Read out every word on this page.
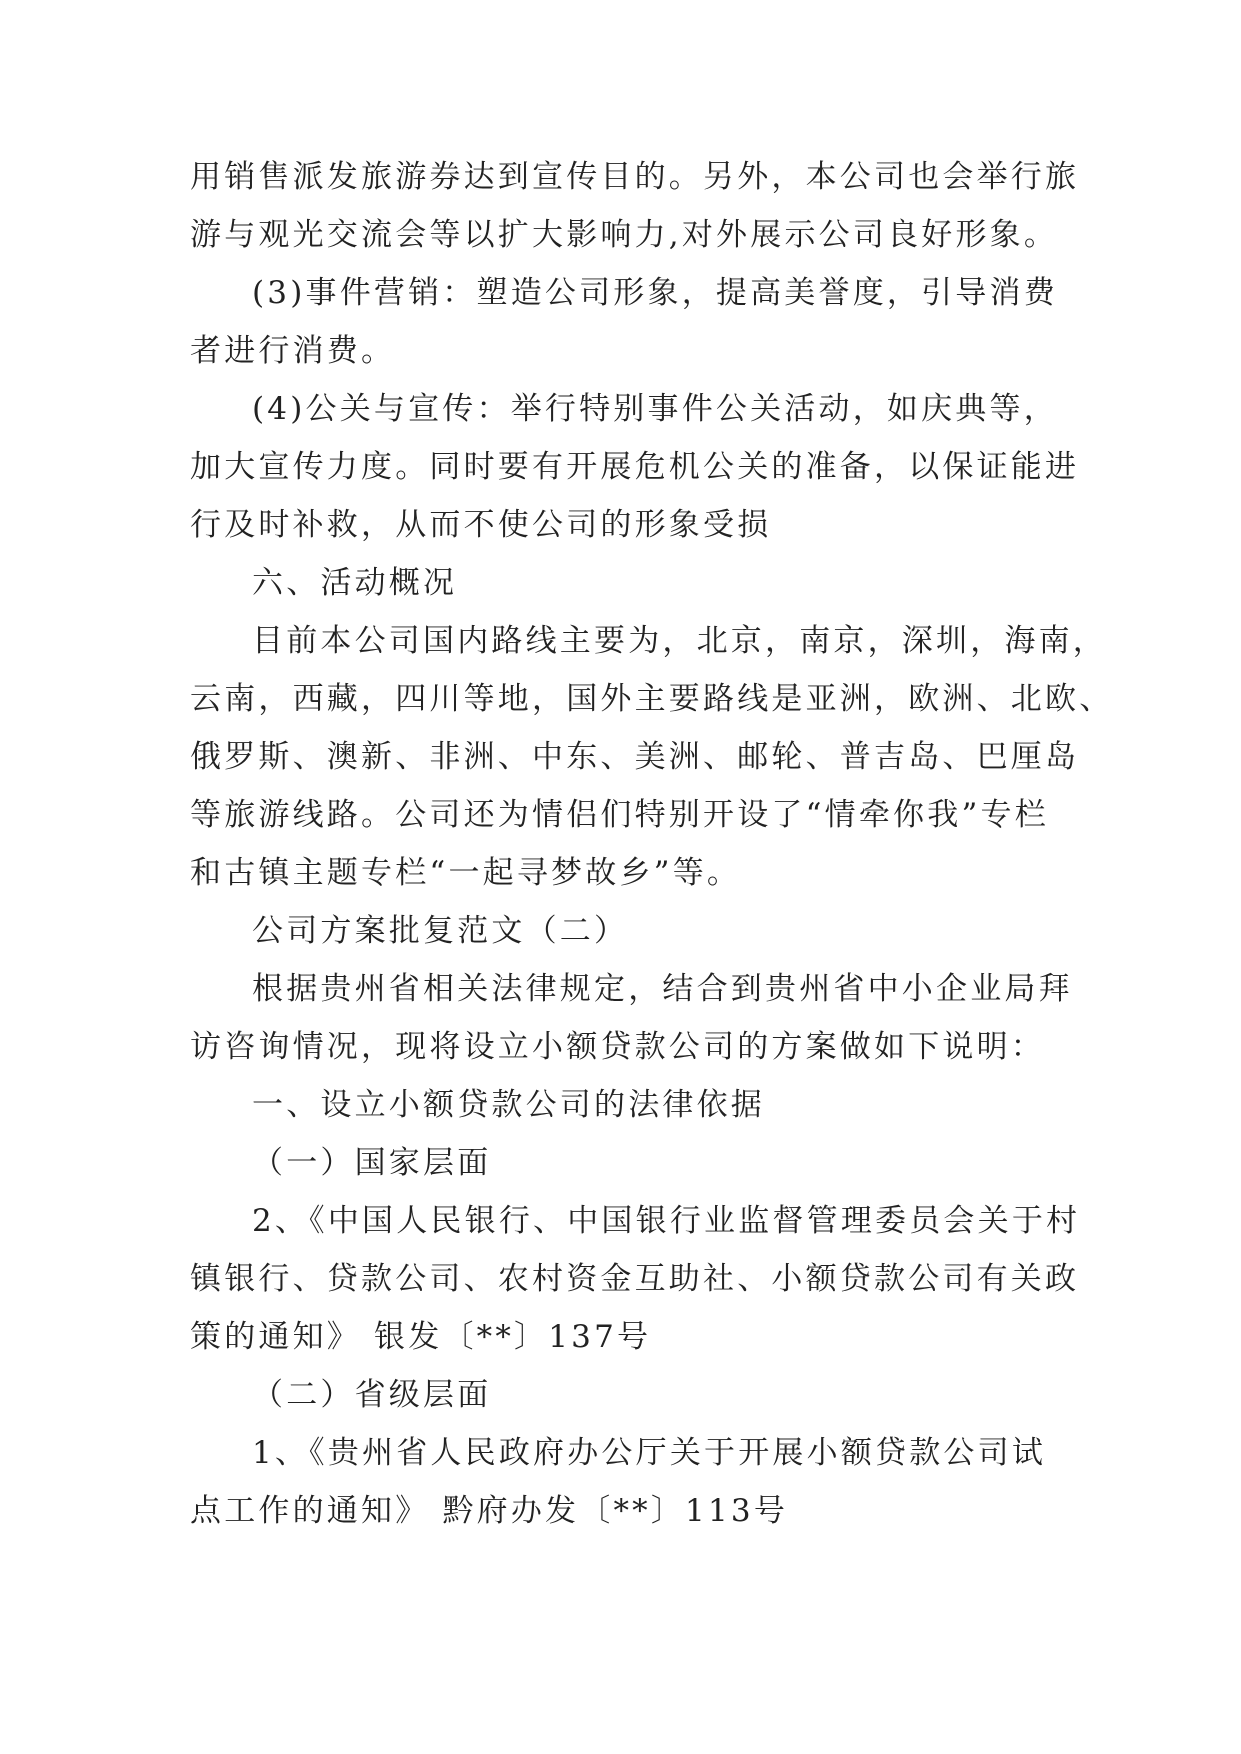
用销售派发旅游券达到宣传目的。另外，本公司也会举行旅
游与观光交流会等以扩大影响力,对外展示公司良好形象。
(3)事件营销：塑造公司形象，提高美誉度，引导消费
者进行消费。
(4)公关与宣传：举行特别事件公关活动，如庆典等，
加大宣传力度。同时要有开展危机公关的准备，以保证能进
行及时补救，从而不使公司的形象受损
六、活动概况
目前本公司国内路线主要为，北京，南京，深圳，海南，
云南，西藏，四川等地，国外主要路线是亚洲，欧洲、北欧、
俄罗斯、澳新、非洲、中东、美洲、邮轮、普吉岛、巴厘岛
等旅游线路。公司还为情侣们特别开设了“情牵你我”专栏
和古镇主题专栏“一起寻梦故乡”等。
公司方案批复范文（二）
根据贵州省相关法律规定，结合到贵州省中小企业局拜
访咨询情况，现将设立小额贷款公司的方案做如下说明：
一、设立小额贷款公司的法律依据
（一）国家层面
2、《中国人民银行、中国银行业监督管理委员会关于村
镇银行、贷款公司、农村资金互助社、小额贷款公司有关政
策的通知》 银发〔**〕137号
（二）省级层面
1、《贵州省人民政府办公厅关于开展小额贷款公司试
点工作的通知》 黔府办发〔**〕113号
